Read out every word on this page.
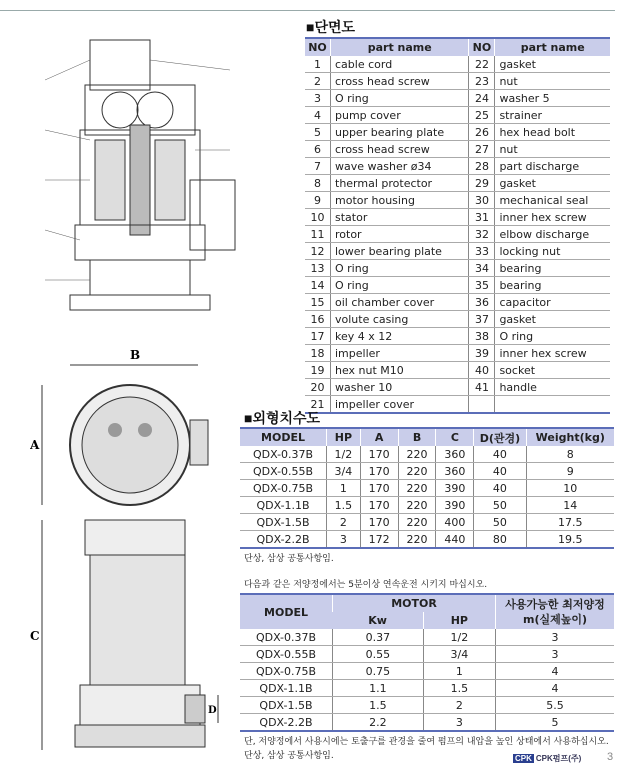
B
A
C
D
■단면도
NO	part name	NO	part name
1	cable cord	22	gasket
2	cross head screw	23	nut
3	O ring	24	washer 5
4	pump cover	25	strainer
5	upper bearing plate	26	hex head bolt
6	cross head screw	27	nut
7	wave washer ø34	28	part discharge
8	thermal protector	29	gasket
9	motor housing	30	mechanical seal
10	stator	31	inner hex screw
11	rotor	32	elbow discharge
12	lower bearing plate	33	locking nut
13	O ring	34	bearing
14	O ring	35	bearing
15	oil chamber cover	36	capacitor
16	volute casing	37	gasket
17	key 4 x 12	38	O ring
18	impeller	39	inner hex screw
19	hex nut M10	40	socket
20	washer 10	41	handle
21	impeller cover		
■외형치수도
MODEL	HP	A	B	C	D(관경)	Weight(kg)
QDX-0.37B	1/2	170	220	360	40	8
QDX-0.55B	3/4	170	220	360	40	9
QDX-0.75B	1	170	220	390	40	10
QDX-1.1B	1.5	170	220	390	50	14
QDX-1.5B	2	170	220	400	50	17.5
QDX-2.2B	3	172	220	440	80	19.5
단상, 삼상 공통사항임.
다음과 같은 저양정에서는 5분이상 연속운전 시키지 마십시오.
MODEL	MOTOR		사용가능한 최저양정
m(실제높이)
	Kw	HP	
QDX-0.37B	0.37	1/2	3
QDX-0.55B	0.55	3/4	3
QDX-0.75B	0.75	1	4
QDX-1.1B	1.1	1.5	4
QDX-1.5B	1.5	2	5.5
QDX-2.2B	2.2	3	5
단, 저양정에서 사용시에는 토출구를 관경을 줄여 펌프의 내압을 높인 상태에서 사용하십시오.
단상, 삼상 공통사항임.	CPK CPK펌프(주) 3
